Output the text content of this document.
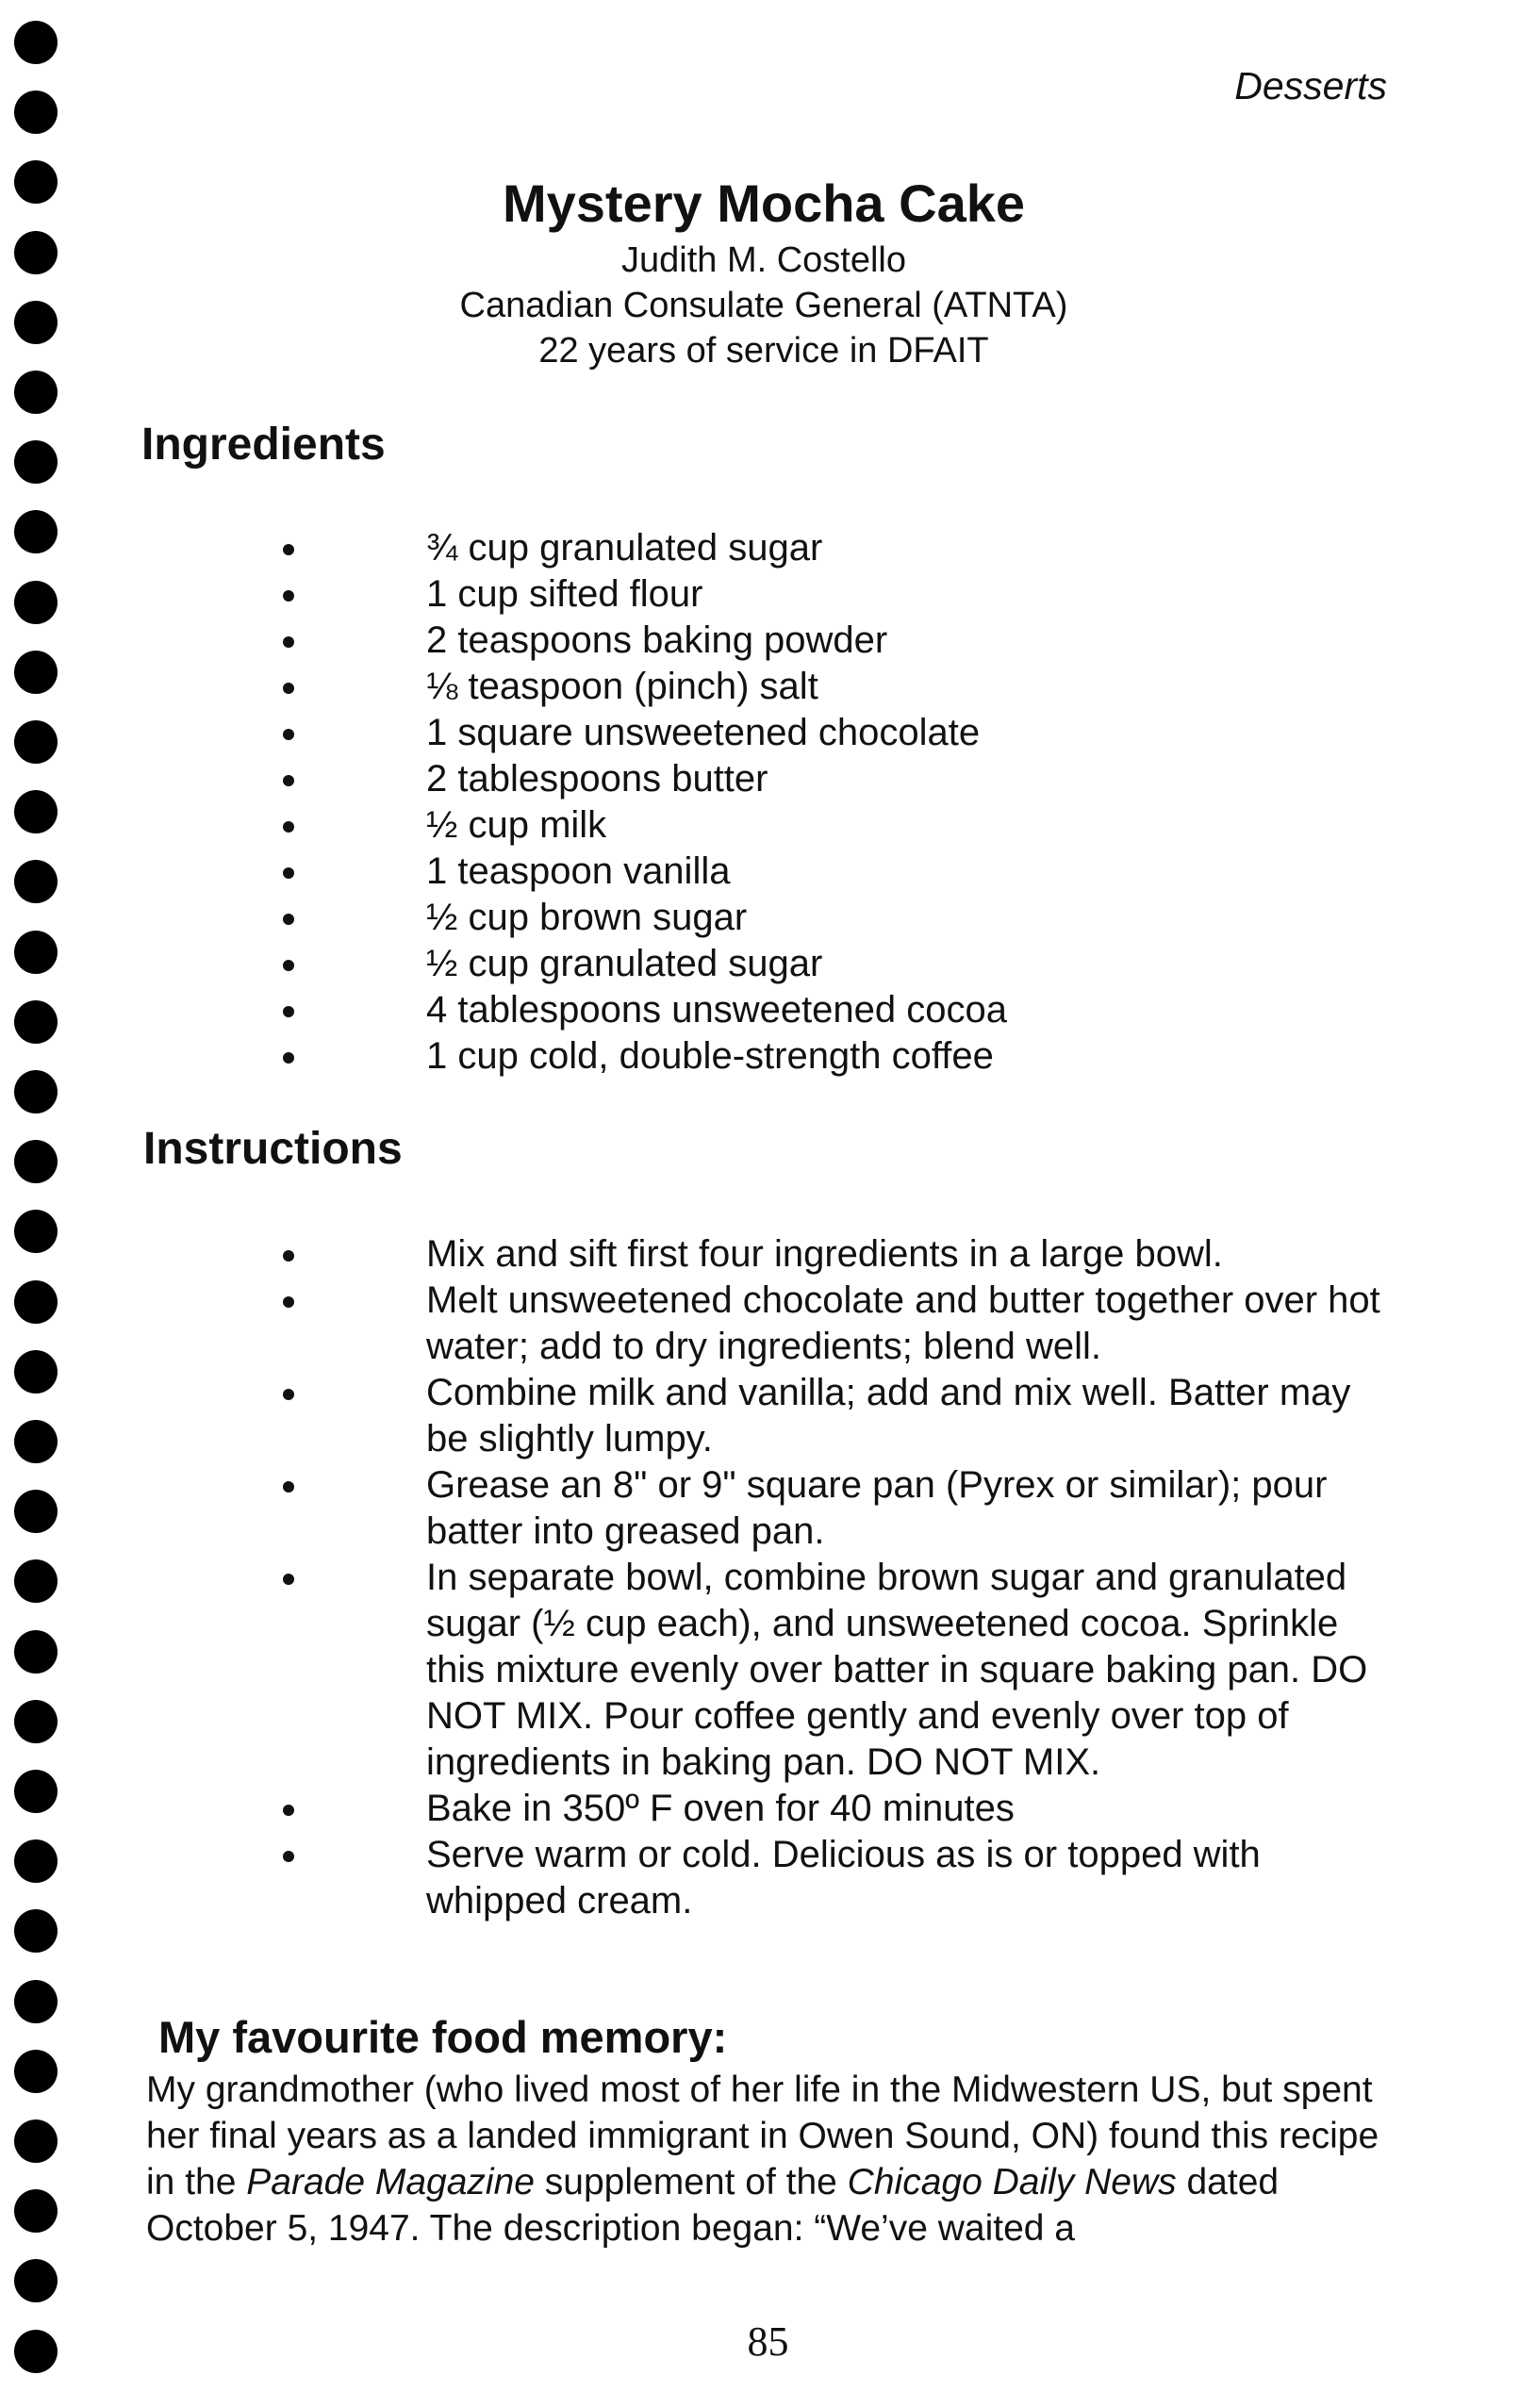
Desserts
Mystery Mocha Cake
Judith M. Costello
Canadian Consulate General (ATNTA)
22 years of service in DFAIT
Ingredients
¾ cup granulated sugar
1 cup sifted flour
2 teaspoons baking powder
⅛ teaspoon (pinch) salt
1 square unsweetened chocolate
2 tablespoons butter
½ cup milk
1 teaspoon vanilla
½ cup brown sugar
½ cup granulated sugar
4 tablespoons unsweetened cocoa
1 cup cold, double-strength coffee
Instructions
Mix and sift first four ingredients in a large bowl.
Melt unsweetened chocolate and butter together over hot water; add to dry ingredients; blend well.
Combine milk and vanilla; add and mix well. Batter may be slightly lumpy.
Grease an 8" or 9" square pan (Pyrex or similar); pour batter into greased pan.
In separate bowl, combine brown sugar and granulated sugar (½ cup each), and unsweetened cocoa. Sprinkle this mixture evenly over batter in square baking pan. DO NOT MIX. Pour coffee gently and evenly over top of ingredients in baking pan. DO NOT MIX.
Bake in 350º F oven for 40 minutes
Serve warm or cold. Delicious as is or topped with whipped cream.
My favourite food memory:

My grandmother (who lived most of her life in the Midwestern US, but spent her final years as a landed immigrant in Owen Sound, ON) found this recipe in the Parade Magazine supplement of the Chicago Daily News dated October 5, 1947. The description began: “We’ve waited a

85
